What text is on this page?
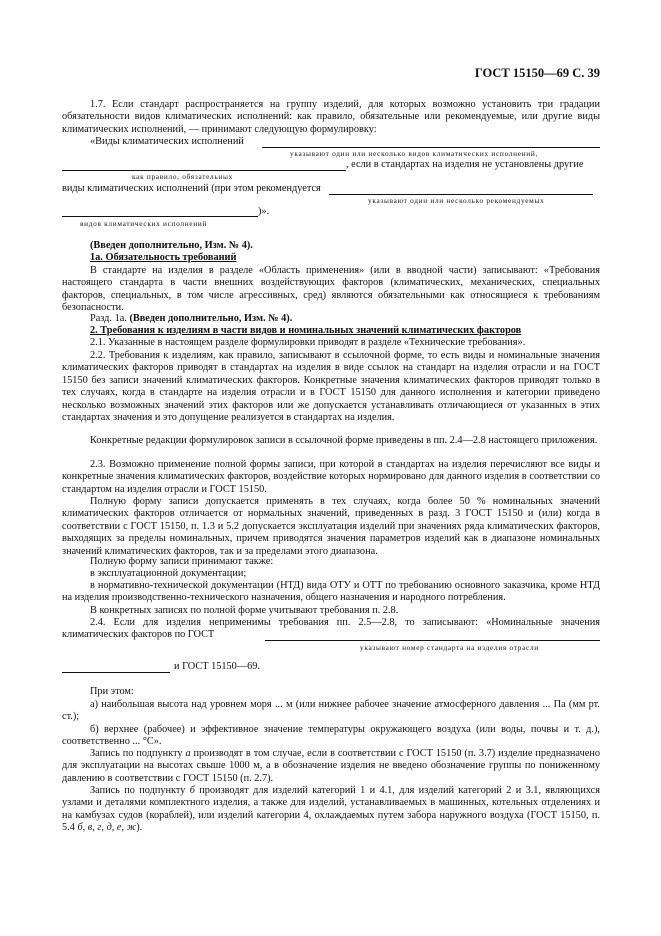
ГОСТ 15150—69 С. 39

1.7. Если стандарт распространяется на группу изделий, для которых возможно установить три градации обязательности видов климатических исполнений: как правило, обязательные или рекомендуемые, или другие виды климатических исполнений, — принимают следующую формулировку:

«Виды климатических исполнений
указывают один или несколько видов климатических исполнений,
, если в стандартах на изделия не установлены другие
как правило, обязательных
виды климатических исполнений (при этом рекомендуется
указывают один или несколько рекомендуемых
)».
видов климатических исполнений
(Введен дополнительно, Изм. № 4).
1а. Обязательность требований

В стандарте на изделия в разделе «Область применения» (или в вводной части) записывают: «Требования настоящего стандарта в части внешних воздействующих факторов (климатических, механических, специальных факторов, специальных, в том числе агрессивных, сред) являются обязательными как относящиеся к требованиям безопасности.

Разд. 1а. (Введен дополнительно, Изм. № 4).
2. Требования к изделиям в части видов и номинальных значений климатических факторов

2.1. Указанные в настоящем разделе формулировки приводят в разделе «Технические требования».

2.2. Требования к изделиям, как правило, записывают в ссылочной форме, то есть виды и номинальные значения климатических факторов приводят в стандартах на изделия в виде ссылок на стандарт на изделия отрасли и на ГОСТ 15150 без записи значений климатических факторов. Конкретные значения климатических факторов приводят только в тех случаях, когда в стандарте на изделия отрасли и в ГОСТ 15150 для данного исполнения и категории приведено несколько возможных значений этих факторов или же допускается устанавливать отличающиеся от указанных в этих стандартах значения и это допущение реализуется в стандартах на изделия.

Конкретные редакции формулировок записи в ссылочной форме приведены в пп. 2.4—2.8 настоящего приложения.

2.3. Возможно применение полной формы записи, при которой в стандартах на изделия перечисляют все виды и конкретные значения климатических факторов, воздействие которых нормировано для данного изделия в соответствии со стандартом на изделия отрасли и ГОСТ 15150.

Полную форму записи допускается применять в тех случаях, когда более 50 % номинальных значений климатических факторов отличается от нормальных значений, приведенных в разд. 3 ГОСТ 15150 и (или) когда в соответствии с ГОСТ 15150, п. 1.3 и 5.2 допускается эксплуатация изделий при значениях ряда климатических факторов, выходящих за пределы номинальных, причем приводятся значения параметров изделий как в диапазоне номинальных значений климатических факторов, так и за пределами этого диапазона.

Полную форму записи принимают также:

в эксплуатационной документации;

в нормативно-технической документации (НТД) вида ОТУ и ОТТ по требованию основного заказчика, кроме НТД на изделия производственно-технического назначения, общего назначения и народного потребления.

В конкретных записях по полной форме учитывают требования п. 2.8.

2.4. Если для изделия неприменимы требования пп. 2.5—2.8, то записывают: «Номинальные значения климатических факторов по ГОСТ

указывают номер стандарта на изделия отрасли
и ГОСТ 15150—69.

При этом:

а) наибольшая высота над уровнем моря ... м (или нижнее рабочее значение атмосферного давления ... Па (мм рт. ст.);

б) верхнее (рабочее) и эффективное значение температуры окружающего воздуха (или воды, почвы и т. д.), соответственно ... °С».

Запись по подпункту а производят в том случае, если в соответствии с ГОСТ 15150 (п. 3.7) изделие предназначено для эксплуатации на высотах свыше 1000 м, а в обозначение изделия не введено обозначение группы по пониженному давлению в соответствии с ГОСТ 15150 (п. 2.7).

Запись по подпункту б производят для изделий категорий 1 и 4.1, для изделий категорий 2 и 3.1, являющихся узлами и деталями комплектного изделия, а также для изделий, устанавливаемых в машинных, котельных отделениях и на камбузах судов (кораблей), или изделий категории 4, охлаждаемых путем забора наружного воздуха (ГОСТ 15150, п. 5.4 б, в, г, д, е, ж).
